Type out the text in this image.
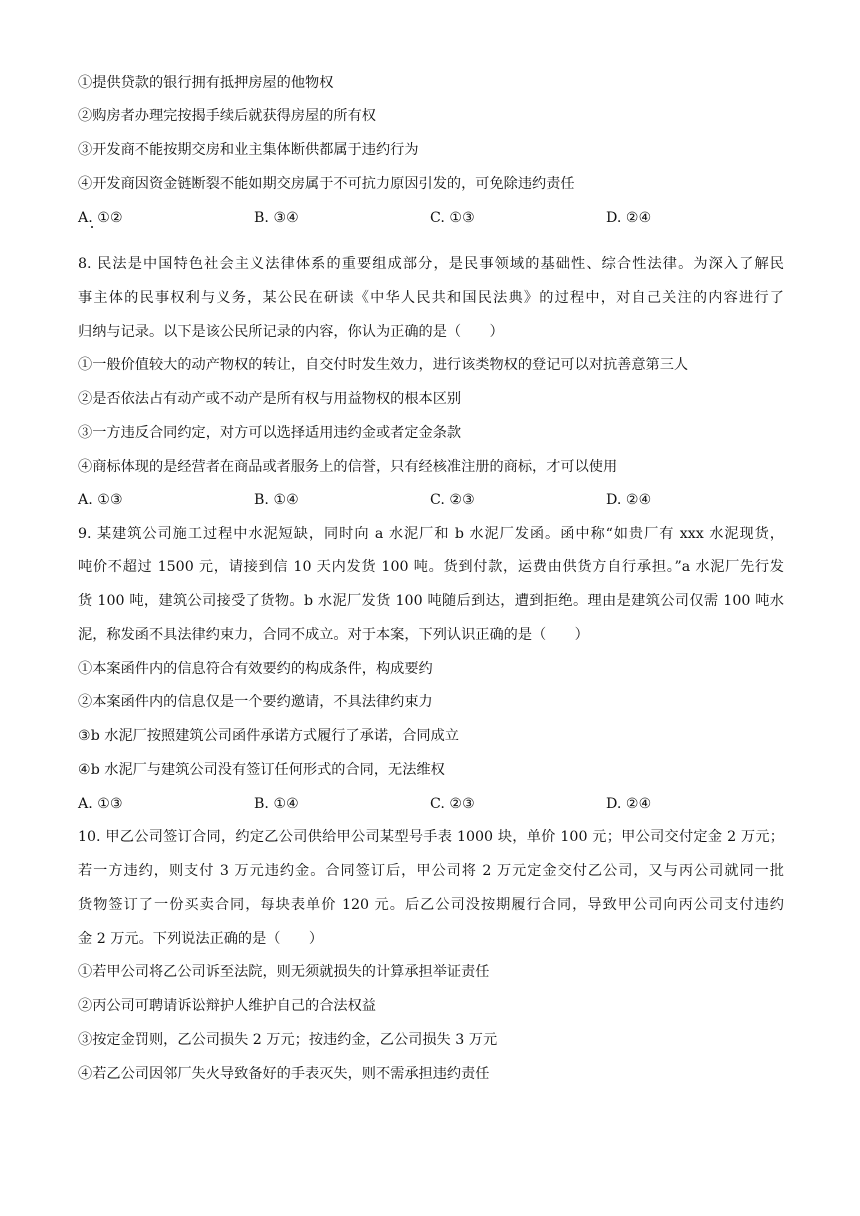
①提供贷款的银行拥有抵押房屋的他物权
②购房者办理完按揭手续后就获得房屋的所有权
③开发商不能按期交房和业主集体断供都属于违约行为
④开发商因资金链断裂不能如期交房属于不可抗力原因引发的，可免除违约责任
A. ①②	B. ③④	C. ①③	D. ②④
8. 民法是中国特色社会主义法律体系的重要组成部分，是民事领域的基础性、综合性法律。为深入了解民
事主体的民事权利与义务，某公民在研读《中华人民共和国民法典》的过程中，对自己关注的内容进行了
归纳与记录。以下是该公民所记录的内容，你认为正确的是（　　）
①一般价值较大的动产物权的转让，自交付时发生效力，进行该类物权的登记可以对抗善意第三人
②是否依法占有动产或不动产是所有权与用益物权的根本区别
③一方违反合同约定，对方可以选择适用违约金或者定金条款
④商标体现的是经营者在商品或者服务上的信誉，只有经核准注册的商标，才可以使用
A. ①③	B. ①④	C. ②③	D. ②④
9. 某建筑公司施工过程中水泥短缺，同时向 a 水泥厂和 b 水泥厂发函。函中称“如贵厂有 xxx 水泥现货，
吨价不超过 1500 元，请接到信 10 天内发货 100 吨。货到付款，运费由供货方自行承担。”a 水泥厂先行发
货 100 吨，建筑公司接受了货物。b 水泥厂发货 100 吨随后到达，遭到拒绝。理由是建筑公司仅需 100 吨水
泥，称发函不具法律约束力，合同不成立。对于本案，下列认识正确的是（　　）
①本案函件内的信息符合有效要约的构成条件，构成要约
②本案函件内的信息仅是一个要约邀请，不具法律约束力
③b 水泥厂按照建筑公司函件承诺方式履行了承诺，合同成立
④b 水泥厂与建筑公司没有签订任何形式的合同，无法维权
A. ①③	B. ①④	C. ②③	D. ②④
10. 甲乙公司签订合同，约定乙公司供给甲公司某型号手表 1000 块，单价 100 元；甲公司交付定金 2 万元；
若一方违约，则支付 3 万元违约金。合同签订后，甲公司将 2 万元定金交付乙公司，又与丙公司就同一批
货物签订了一份买卖合同，每块表单价 120 元。后乙公司没按期履行合同，导致甲公司向丙公司支付违约
金 2 万元。下列说法正确的是（　　）
①若甲公司将乙公司诉至法院，则无须就损失的计算承担举证责任
②丙公司可聘请诉讼辩护人维护自己的合法权益
③按定金罚则，乙公司损失 2 万元；按违约金，乙公司损失 3 万元
④若乙公司因邻厂失火导致备好的手表灭失，则不需承担违约责任
